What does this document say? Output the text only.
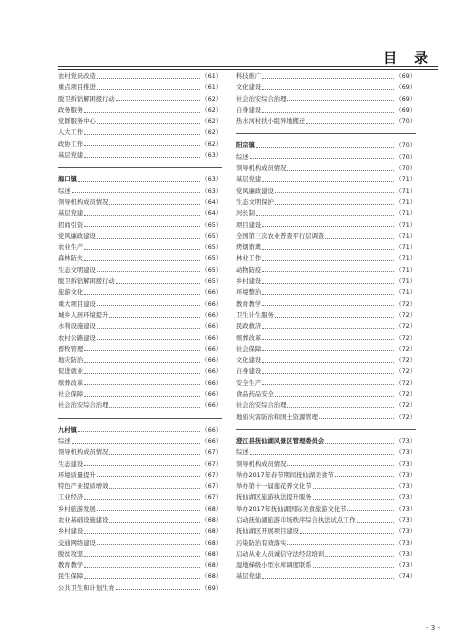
目 录
农村党员改造	（61）
重点项目推进	（61）
脱卫拆钻解困援行动	（62）
政务服务	（62）
党群服务中心	（62）
人大工作	（62）
政协工作	（62）
基层党建	（63）
海口镇	（63）
综述	（63）
领导机构成员情况	（64）
基层党建	（64）
招商引资	（65）
党风廉政建设	（65）
农业生产	（65）
森林防火	（65）
生态文明建设	（65）
脱卫拆钻解困援行动	（65）
旅游文化	（66）
重大项目建设	（66）
城乡人居环境提升	（66）
水利设施建设	（66）
农村公路建设	（66）
畜牧管理	（66）
地灾防治	（66）
促进就业	（66）
殡葬改革	（66）
社会保障	（66）
社会治安综合治理	（66）
九村镇	（66）
综述	（66）
领导机构成员情况	（67）
生态建设	（67）
环境质量提升	（67）
特色产业提质增效	（67）
工业经济	（67）
乡村旅游发展	（68）
农业基础设施建设	（68）
乡村建设	（68）
交通网络建设	（68）
脱贫攻坚	（68）
教育教学	（68）
民生保障	（68）
公共卫生和计划生育	（69）
科技推广	（69）
文化建设	（69）
社会治安综合治理	（69）
自身建设	（69）
热水河村扶小组异地搬迁	（70）
阳宗镇	（70）
综述	（70）
领导机构成员情况	（70）
基层党建	（71）
党风廉政建设	（71）
生态文明保护	（71）
河长制	（71）
项目建设	（71）
全国第三次农业普查平行层调查	（71）
烤烟畜禽	（71）
林业工作	（71）
动物防疫	（71）
乡村建设	（71）
环境整治	（71）
教育教学	（72）
卫生计生服务	（72）
民政救济	（72）
殡葬改革	（72）
社会保障	（72）
文化建设	（72）
自身建设	（72）
安全生产	（72）
食品药品安全	（72）
社会治安综合治理	（72）
地质灾害防治和国土资源管理	（72）
澄江县抚仙湖风景区管理委员会	（73）
综述	（73）
领导机构成员情况	（73）
举办2017年春节期间抚仙湖美食节	（73）
举办第十一届莲花养文化节	（73）
抚仙湖区旅游执法提升服务	（73）
举办2017年抚仙湖国际美食旅游文化节	（73）
启动抚仙湖旅游市场秩序综合执法试点工作	（73）
抚仙湖区开展项目建设	（73）
污染防治有效落实	（73）
启动从业人员诚信守法经营培训	（73）
湿地梯级小型水库调度联系	（73）
基层党建	（74）
- 3 -
